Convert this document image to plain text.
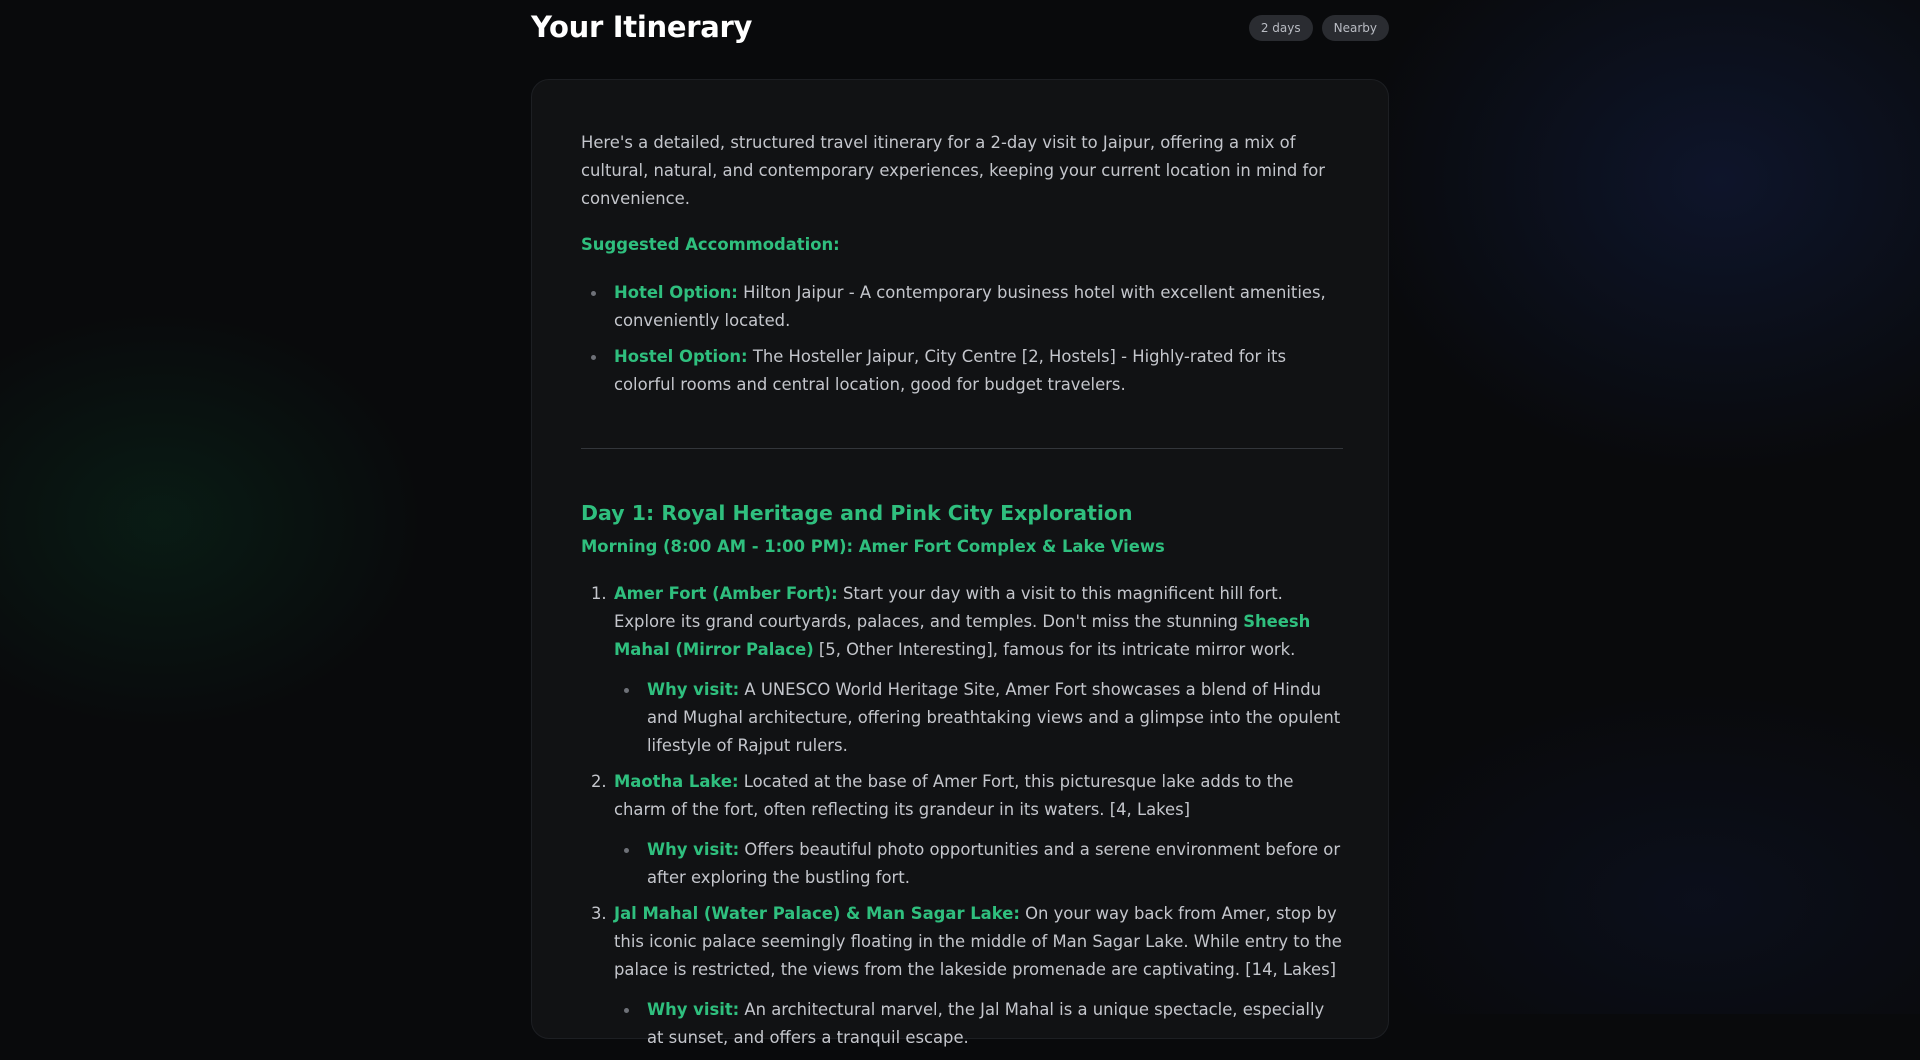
Your Itinerary	2 days	Nearby

Here's a detailed, structured travel itinerary for a 2-day visit to Jaipur, offering a mix of cultural, natural, and contemporary experiences, keeping your current location in mind for convenience.

Suggested Accommodation:
Hotel Option: Hilton Jaipur - A contemporary business hotel with excellent amenities, conveniently located.
Hostel Option: The Hosteller Jaipur, City Centre [2, Hostels] - Highly-rated for its colorful rooms and central location, good for budget travelers.
Day 1: Royal Heritage and Pink City Exploration
Morning (8:00 AM - 1:00 PM): Amer Fort Complex & Lake Views
1. Amer Fort (Amber Fort): Start your day with a visit to this magnificent hill fort. Explore its grand courtyards, palaces, and temples. Don't miss the stunning Sheesh Mahal (Mirror Palace) [5, Other Interesting], famous for its intricate mirror work.
Why visit: A UNESCO World Heritage Site, Amer Fort showcases a blend of Hindu and Mughal architecture, offering breathtaking views and a glimpse into the opulent lifestyle of Rajput rulers.
2. Maotha Lake: Located at the base of Amer Fort, this picturesque lake adds to the charm of the fort, often reflecting its grandeur in its waters. [4, Lakes]
Why visit: Offers beautiful photo opportunities and a serene environment before or after exploring the bustling fort.
3. Jal Mahal (Water Palace) & Man Sagar Lake: On your way back from Amer, stop by this iconic palace seemingly floating in the middle of Man Sagar Lake. While entry to the palace is restricted, the views from the lakeside promenade are captivating. [14, Lakes]
Why visit: An architectural marvel, the Jal Mahal is a unique spectacle, especially at sunset, and offers a tranquil escape.
